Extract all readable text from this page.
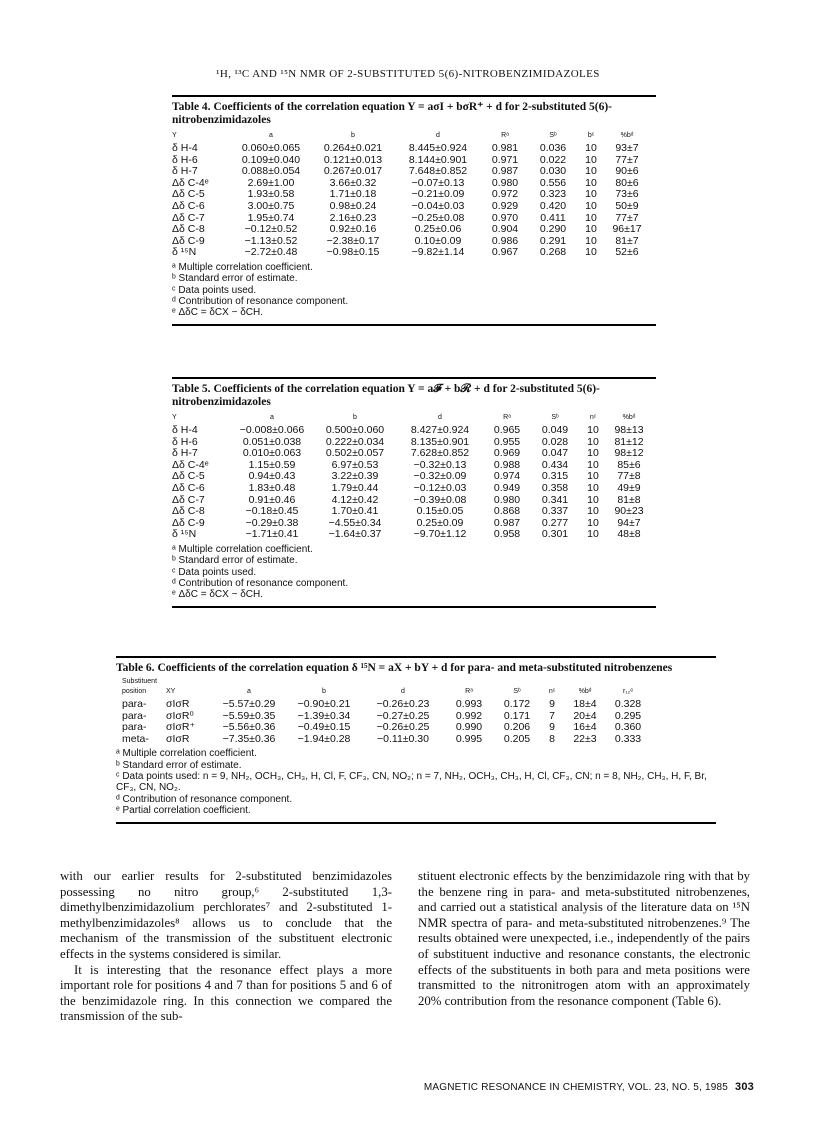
¹H, ¹³C AND ¹⁵N NMR OF 2-SUBSTITUTED 5(6)-NITROBENZIMIDAZOLES
Table 4. Coefficients of the correlation equation Y = aσI + bσR⁺ + d for 2-substituted 5(6)-nitrobenzimidazoles
Y	a	b	d	Rᵃ	Sᵇ	bᶜ	%bᵈ
δ H-4	0.060±0.065	0.264±0.021	8.445±0.924	0.981	0.036	10	93±7
δ H-6	0.109±0.040	0.121±0.013	8.144±0.901	0.971	0.022	10	77±7
δ H-7	0.088±0.054	0.267±0.017	7.648±0.852	0.987	0.030	10	90±6
Δδ C-4ᵉ	2.69±1.00	3.66±0.32	−0.07±0.13	0.980	0.556	10	80±6
Δδ C-5	1.93±0.58	1.71±0.18	−0.21±0.09	0.972	0.323	10	73±6
Δδ C-6	3.00±0.75	0.98±0.24	−0.04±0.03	0.929	0.420	10	50±9
Δδ C-7	1.95±0.74	2.16±0.23	−0.25±0.08	0.970	0.411	10	77±7
Δδ C-8	−0.12±0.52	0.92±0.16	0.25±0.06	0.904	0.290	10	96±17
Δδ C-9	−1.13±0.52	−2.38±0.17	0.10±0.09	0.986	0.291	10	81±7
δ ¹⁵N	−2.72±0.48	−0.98±0.15	−9.82±1.14	0.967	0.268	10	52±6
ᵃ Multiple correlation coefficient.
ᵇ Standard error of estimate.
ᶜ Data points used.
ᵈ Contribution of resonance component.
ᵉ ΔδC = δCX − δCH.
Table 5. Coefficients of the correlation equation Y = a𝓕 + bℛ + d for 2-substituted 5(6)-nitrobenzimidazoles
Y	a	b	d	Rᵃ	Sᵇ	nᶜ	%bᵈ
δ H-4	−0.008±0.066	0.500±0.060	8.427±0.924	0.965	0.049	10	98±13
δ H-6	0.051±0.038	0.222±0.034	8.135±0.901	0.955	0.028	10	81±12
δ H-7	0.010±0.063	0.502±0.057	7.628±0.852	0.969	0.047	10	98±12
Δδ C-4ᵉ	1.15±0.59	6.97±0.53	−0.32±0.13	0.988	0.434	10	85±6
Δδ C-5	0.94±0.43	3.22±0.39	−0.32±0.09	0.974	0.315	10	77±8
Δδ C-6	1.83±0.48	1.79±0.44	−0.12±0.03	0.949	0.358	10	49±9
Δδ C-7	0.91±0.46	4.12±0.42	−0.39±0.08	0.980	0.341	10	81±8
Δδ C-8	−0.18±0.45	1.70±0.41	0.15±0.05	0.868	0.337	10	90±23
Δδ C-9	−0.29±0.38	−4.55±0.34	0.25±0.09	0.987	0.277	10	94±7
δ ¹⁵N	−1.71±0.41	−1.64±0.37	−9.70±1.12	0.958	0.301	10	48±8
ᵃ Multiple correlation coefficient.
ᵇ Standard error of estimate.
ᶜ Data points used.
ᵈ Contribution of resonance component.
ᵉ ΔδC = δCX − δCH.
Table 6. Coefficients of the correlation equation δ ¹⁵N = aX + bY + d for para- and meta-substituted nitrobenzenes
Substituent
position	XY	a	b	d	Rᵃ	Sᵇ	nᶜ	%bᵈ	r₁₂ᵉ
para-	σIσR	−5.57±0.29	−0.90±0.21	−0.26±0.23	0.993	0.172	9	18±4	0.328
para-	σIσR⁰	−5.59±0.35	−1.39±0.34	−0.27±0.25	0.992	0.171	7	20±4	0.295
para-	σIσR⁺	−5.56±0.36	−0.49±0.15	−0.26±0.25	0.990	0.206	9	16±4	0.360
meta-	σIσR	−7.35±0.36	−1.94±0.28	−0.11±0.30	0.995	0.205	8	22±3	0.333
ᵃ Multiple correlation coefficient.
ᵇ Standard error of estimate.
ᶜ Data points used: n = 9, NH₂, OCH₃, CH₃, H, Cl, F, CF₃, CN, NO₂; n = 7, NH₂, OCH₃, CH₃, H, Cl, CF₃, CN; n = 8, NH₂, CH₃, H, F, Br, CF₃, CN, NO₂.
ᵈ Contribution of resonance component.
ᵉ Partial correlation coefficient.

with our earlier results for 2-substituted benzimidazoles possessing no nitro group,⁶ 2-substituted 1,3-dimethylbenzimidazolium perchlorates⁷ and 2-substituted 1-methylbenzimidazoles⁸ allows us to conclude that the mechanism of the transmission of the substituent electronic effects in the systems considered is similar.

It is interesting that the resonance effect plays a more important role for positions 4 and 7 than for positions 5 and 6 of the benzimidazole ring. In this connection we compared the transmission of the sub-

stituent electronic effects by the benzimidazole ring with that by the benzene ring in para- and meta-substituted nitrobenzenes, and carried out a statistical analysis of the literature data on ¹⁵N NMR spectra of para- and meta-substituted nitrobenzenes.⁹ The results obtained were unexpected, i.e., independently of the pairs of substituent inductive and resonance constants, the electronic effects of the substituents in both para and meta positions were transmitted to the nitronitrogen atom with an approximately 20% contribution from the resonance component (Table 6).

MAGNETIC RESONANCE IN CHEMISTRY, VOL. 23, NO. 5, 1985 303
